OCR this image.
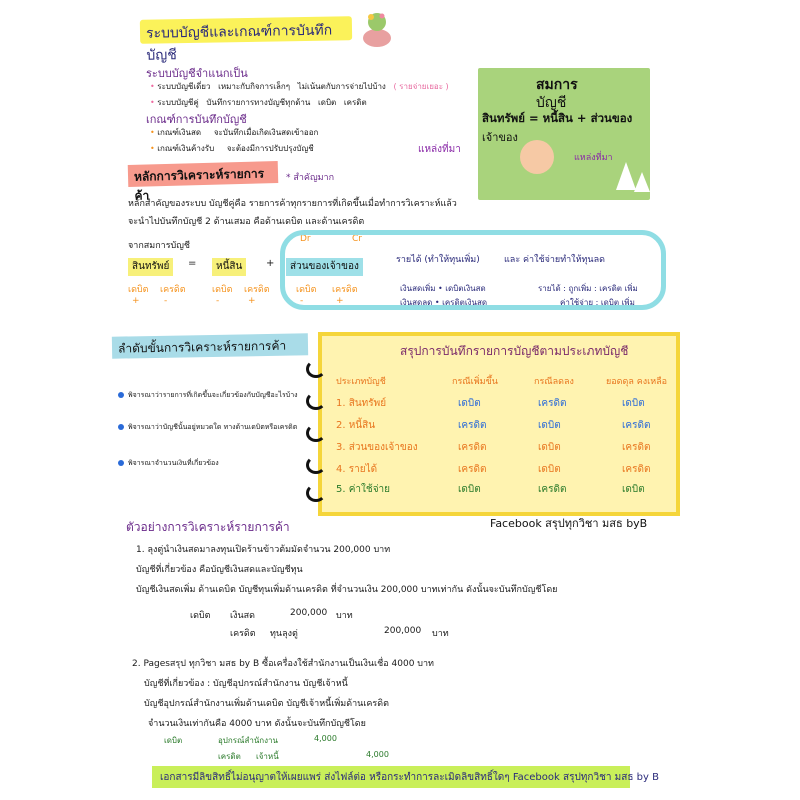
ระบบบัญชีและเกณฑ์การบันทึกบัญชี
ระบบบัญชีจำแนกเป็น
• ระบบบัญชีเดี่ยว เหมาะกับกิจการเล็กๆ ไม่เน้นตกับการจ่ายไปบ้าง ( รายจ่ายเยอะ )
• ระบบบัญชีคู่ บันทึกรายการทางบัญชีทุกด้าน เดบิต เครดิต
เกณฑ์การบันทึกบัญชี
• เกณฑ์เงินสด จะบันทึกเมื่อเกิดเงินสดเข้าออก
• เกณฑ์เงินค้างรับ จะต้องมีการปรับปรุงบัญชี	แหล่งที่มา
สมการ
บัญชี
สินทรัพย์ = หนี้สิน + ส่วนของ
เจ้าของ
แหล่งที่มา
หลักการวิเคราะห์รายการค้า
* สำคัญมาก
หลักสำคัญของระบบ บัญชีคู่คือ รายการค้าทุกรายการที่เกิดขึ้นเมื่อทำการวิเคราะห์แล้ว
จะนำไปบันทึกบัญชี 2 ด้านเสมอ คือด้านเดบิต และด้านเครดิต
จากสมการบัญชี
Dr	Cr
สินทรัพย์	=	หนี้สิน	+	ส่วนของเจ้าของ
รายได้ (ทำให้ทุนเพิ่ม)	และ ค่าใช้จ่ายทำให้ทุนลด
เดบิต เครดิต	เดบิต เครดิต	เดบิต เครดิต
+	-	-	+	-	+
เงินสดเพิ่ม • เดบิตเงินสด
เงินสดลด • เครดิตเงินสด
รายได้ : ถูกเพิ่ม : เครดิต เพิ่ม
ค่าใช้จ่าย : เดบิต เพิ่ม
ลำดับขั้นการวิเคราะห์รายการค้า
พิจารณาว่ารายการที่เกิดขึ้นจะเกี่ยวข้องกับบัญชีอะไรบ้าง
พิจารณาว่าบัญชีนั้นอยู่หมวดใด ทางด้านเดบิตหรือเครดิต
พิจารณาจำนวนเงินที่เกี่ยวข้อง
สรุปการบันทึกรายการบัญชีตามประเภทบัญชี
ประเภทบัญชี	กรณีเพิ่มขึ้น	กรณีลดลง	ยอดดุล คงเหลือ
1. สินทรัพย์	เดบิต	เครดิต	เดบิต
2. หนี้สิน	เครดิต	เดบิต	เครดิต
3. ส่วนของเจ้าของ	เครดิต	เดบิต	เครดิต
4. รายได้	เครดิต	เดบิต	เครดิต
5. ค่าใช้จ่าย	เดบิต	เครดิต	เดบิต
Facebook สรุปทุกวิชา มสธ byB
ตัวอย่างการวิเคราะห์รายการค้า
1. ลุงตู่นำเงินสดมาลงทุนเปิดร้านข้าวต้มมัดจำนวน 200,000 บาท
บัญชีที่เกี่ยวข้อง คือบัญชีเงินสดและบัญชีทุน
บัญชีเงินสดเพิ่ม ด้านเดบิต บัญชีทุนเพิ่มด้านเครดิต ที่จำนวนเงิน 200,000 บาทเท่ากัน ดังนั้นจะบันทึกบัญชีโดย
เดบิต เงินสด	200,000 บาท
เครดิต ทุนลุงตู่	200,000 บาท
2. Pagesสรุป ทุกวิชา มสธ by B ซื้อเครื่องใช้สำนักงานเป็นเงินเชื่อ 4000 บาท
บัญชีที่เกี่ยวข้อง : บัญชีอุปกรณ์สำนักงาน บัญชีเจ้าหนี้
บัญชีอุปกรณ์สำนักงานเพิ่มด้านเดบิต บัญชีเจ้าหนี้เพิ่มด้านเครดิต
จำนวนเงินเท่ากันคือ 4000 บาท ดังนั้นจะบันทึกบัญชีโดย
เดบิต	อุปกรณ์สำนักงาน	4,000
เครดิต เจ้าหนี้	4,000
เอกสารมีลิขสิทธิ์ไม่อนุญาตให้เผยแพร่ ส่งไฟล์ต่อ หรือกระทำการละเมิดลิขสิทธิ์ใดๆ Facebook สรุปทุกวิชา มสธ by B
